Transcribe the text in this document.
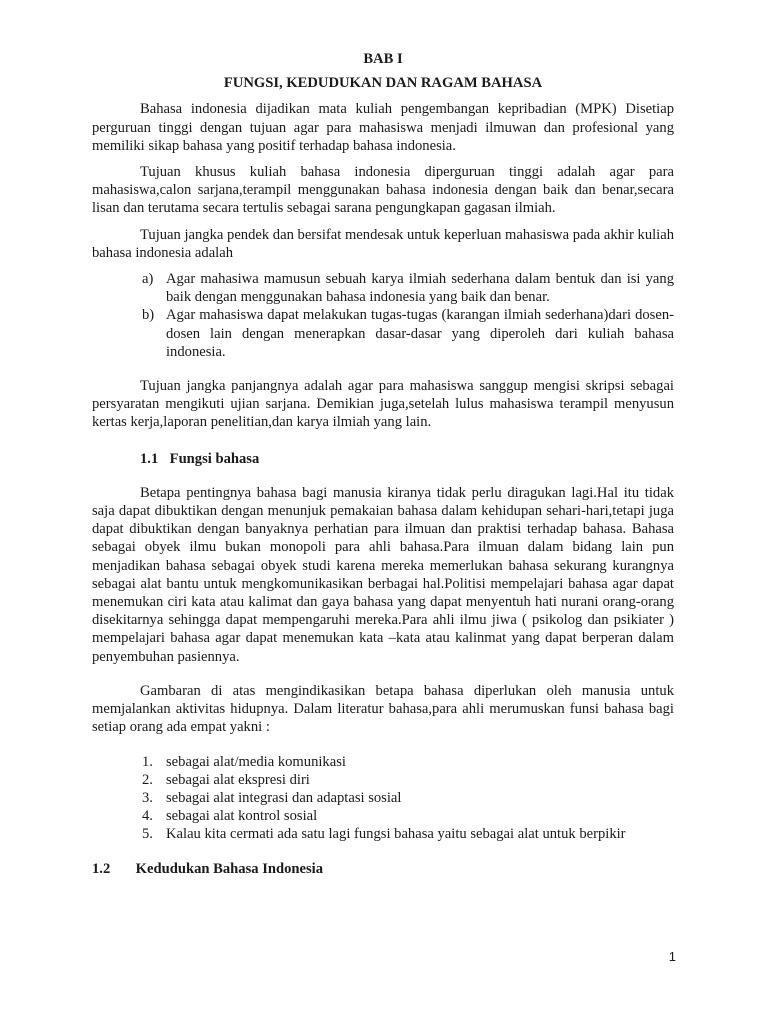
BAB I
FUNGSI, KEDUDUKAN DAN RAGAM BAHASA

Bahasa indonesia dijadikan mata kuliah pengembangan kepribadian (MPK) Disetiap perguruan tinggi dengan tujuan agar para mahasiswa menjadi ilmuwan dan profesional yang memiliki sikap bahasa yang positif terhadap bahasa indonesia.

Tujuan khusus kuliah bahasa indonesia diperguruan tinggi adalah agar para mahasiswa,calon sarjana,terampil menggunakan bahasa indonesia dengan baik dan benar,secara lisan dan terutama secara tertulis sebagai sarana pengungkapan gagasan ilmiah.

Tujuan jangka pendek dan bersifat mendesak untuk keperluan mahasiswa pada akhir kuliah bahasa indonesia adalah

a) Agar mahasiwa mamusun sebuah karya ilmiah sederhana dalam bentuk dan isi yang baik dengan menggunakan bahasa indonesia yang baik dan benar.
b) Agar mahasiswa dapat melakukan tugas-tugas (karangan ilmiah sederhana)dari dosen-dosen lain dengan menerapkan dasar-dasar yang diperoleh dari kuliah bahasa indonesia.

Tujuan jangka panjangnya adalah agar para mahasiswa sanggup mengisi skripsi sebagai persyaratan mengikuti ujian sarjana. Demikian juga,setelah lulus mahasiswa terampil menyusun kertas kerja,laporan penelitian,dan karya ilmiah yang lain.

1.1 Fungsi bahasa

Betapa pentingnya bahasa bagi manusia kiranya tidak perlu diragukan lagi.Hal itu tidak saja dapat dibuktikan dengan menunjuk pemakaian bahasa dalam kehidupan sehari-hari,tetapi juga dapat dibuktikan dengan banyaknya perhatian para ilmuan dan praktisi terhadap bahasa. Bahasa sebagai obyek ilmu bukan monopoli para ahli bahasa.Para ilmuan dalam bidang lain pun menjadikan bahasa sebagai obyek studi karena mereka memerlukan bahasa sekurang kurangnya sebagai alat bantu untuk mengkomunikasikan berbagai hal.Politisi mempelajari bahasa agar dapat menemukan ciri kata atau kalimat dan gaya bahasa yang dapat menyentuh hati nurani orang-orang disekitarnya sehingga dapat mempengaruhi mereka.Para ahli ilmu jiwa ( psikolog dan psikiater ) mempelajari bahasa agar dapat menemukan kata –kata atau kalinmat yang dapat berperan dalam penyembuhan pasiennya.

Gambaran di atas mengindikasikan betapa bahasa diperlukan oleh manusia untuk memjalankan aktivitas hidupnya. Dalam literatur bahasa,para ahli merumuskan funsi bahasa bagi setiap orang ada empat yakni :

1. sebagai alat/media komunikasi
2. sebagai alat ekspresi diri
3. sebagai alat integrasi dan adaptasi sosial
4. sebagai alat kontrol sosial
5. Kalau kita cermati ada satu lagi fungsi bahasa yaitu sebagai alat untuk berpikir
1.2 Kedudukan Bahasa Indonesia
1
